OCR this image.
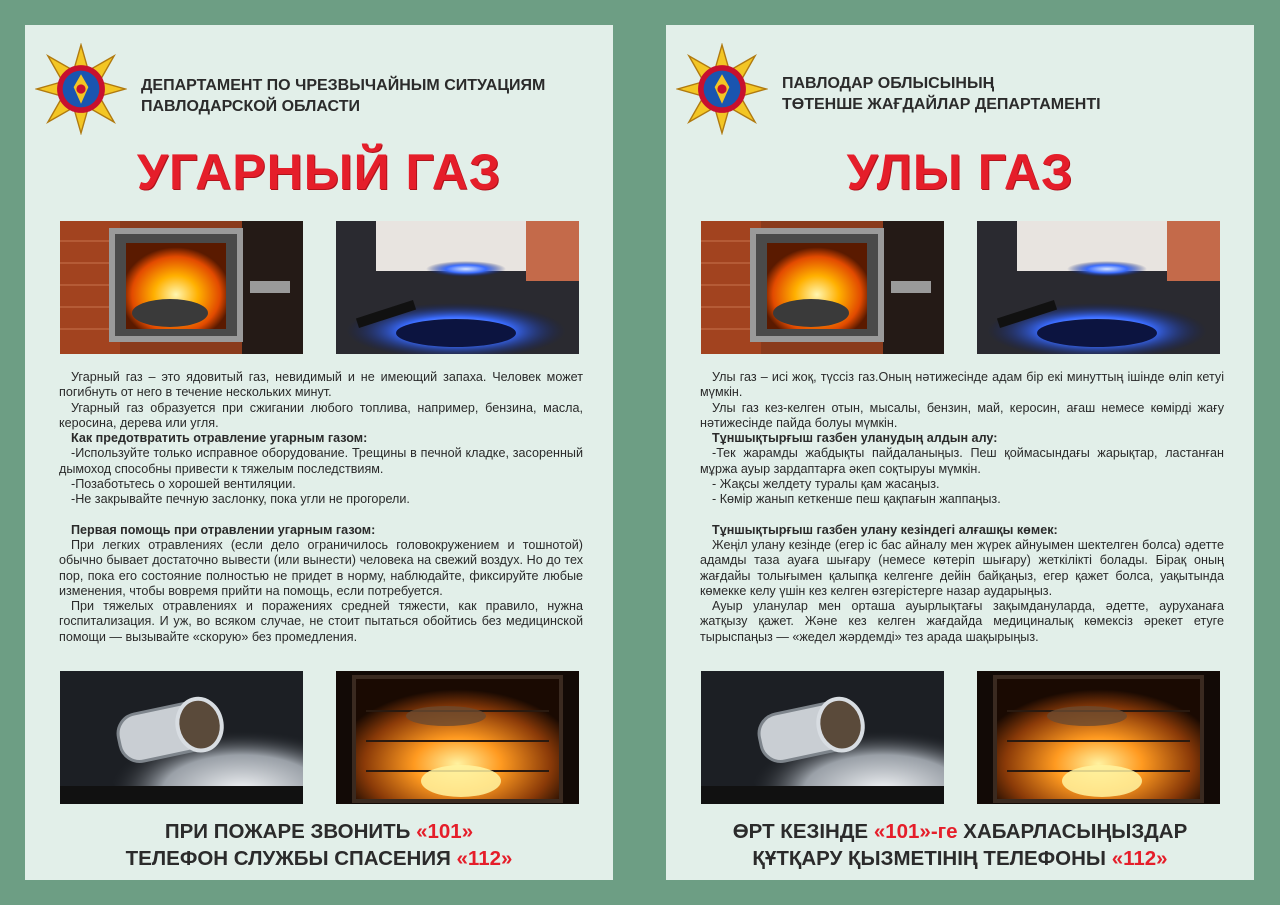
ДЕПАРТАМЕНТ ПО ЧРЕЗВЫЧАЙНЫМ СИТУАЦИЯМ
ПАВЛОДАРСКОЙ ОБЛАСТИ
УГАРНЫЙ ГАЗ

Угарный газ – это ядовитый газ, невидимый и не имеющий запаха. Человек может погибнуть от него в течение нескольких минут.

Угарный газ образуется при сжигании любого топлива, например, бензина, масла, керосина, дерева или угля.

Как предотвратить отравление угарным газом:

-Используйте только исправное оборудование. Трещины в печной кладке, засоренный дымоход способны привести к тяжелым последствиям.

-Позаботьтесь о хорошей вентиляции.

-Не закрывайте печную заслонку, пока угли не прогорели.

Первая помощь при отравлении угарным газом:

При легких отравлениях (если дело ограничилось головокружением и тошнотой) обычно бывает достаточно вывести (или вынести) человека на свежий воздух. Но до тех пор, пока его состояние полностью не придет в норму, наблюдайте, фиксируйте любые изменения, чтобы вовремя прийти на помощь, если потребуется.

При тяжелых отравлениях и поражениях средней тяжести, как правило, нужна госпитализация. И уж, во всяком случае, не стоит пытаться обойтись без медицинской помощи — вызывайте «скорую» без промедления.

ПРИ ПОЖАРЕ ЗВОНИТЬ «101»
ТЕЛЕФОН СЛУЖБЫ СПАСЕНИЯ «112»
ПАВЛОДАР ОБЛЫСЫНЫҢ
ТӨТЕНШЕ ЖАҒДАЙЛАР ДЕПАРТАМЕНТІ
УЛЫ ГАЗ

Улы газ – исі жоқ, түссіз газ.Оның нәтижесінде адам бір екі минуттың ішінде өліп кетуі мүмкін.

Улы газ кез-келген отын, мысалы, бензин, май, керосин, ағаш немесе көмірді жағу нәтижесінде пайда болуы мүмкін.

Тұншықтырғыш газбен уланудың алдын алу:

-Тек жарамды жабдықты пайдаланыңыз. Пеш қоймасындағы жарықтар, ластанған мұржа ауыр зардаптарға әкеп соқтыруы мүмкін.

- Жақсы желдету туралы қам жасаңыз.

- Көмір жанып кеткенше пеш қақпағын жаппаңыз.

Тұншықтырғыш газбен улану кезіндегі алғашқы көмек:

Жеңіл улану кезінде (егер іс бас айналу мен жүрек айнуымен шектелген болса) әдетте адамды таза ауаға шығару (немесе көтеріп шығару) жеткілікті болады. Бірақ оның жағдайы толығымен қалыпқа келгенге дейін байқаңыз, егер қажет болса, уақытында көмекке келу үшін кез келген өзгерістерге назар аударыңыз.

Ауыр уланулар мен орташа ауырлықтағы зақымдануларда, әдетте, ауруханаға жатқызу қажет. Және кез келген жағдайда медициналық көмексіз әрекет етуге тырыспаңыз — «жедел жәрдемді» тез арада шақырыңыз.

ӨРТ КЕЗІНДЕ «101»-ге ХАБАРЛАСЫҢЫЗДАР
ҚҰТҚАРУ ҚЫЗМЕТІНІҢ ТЕЛЕФОНЫ «112»
